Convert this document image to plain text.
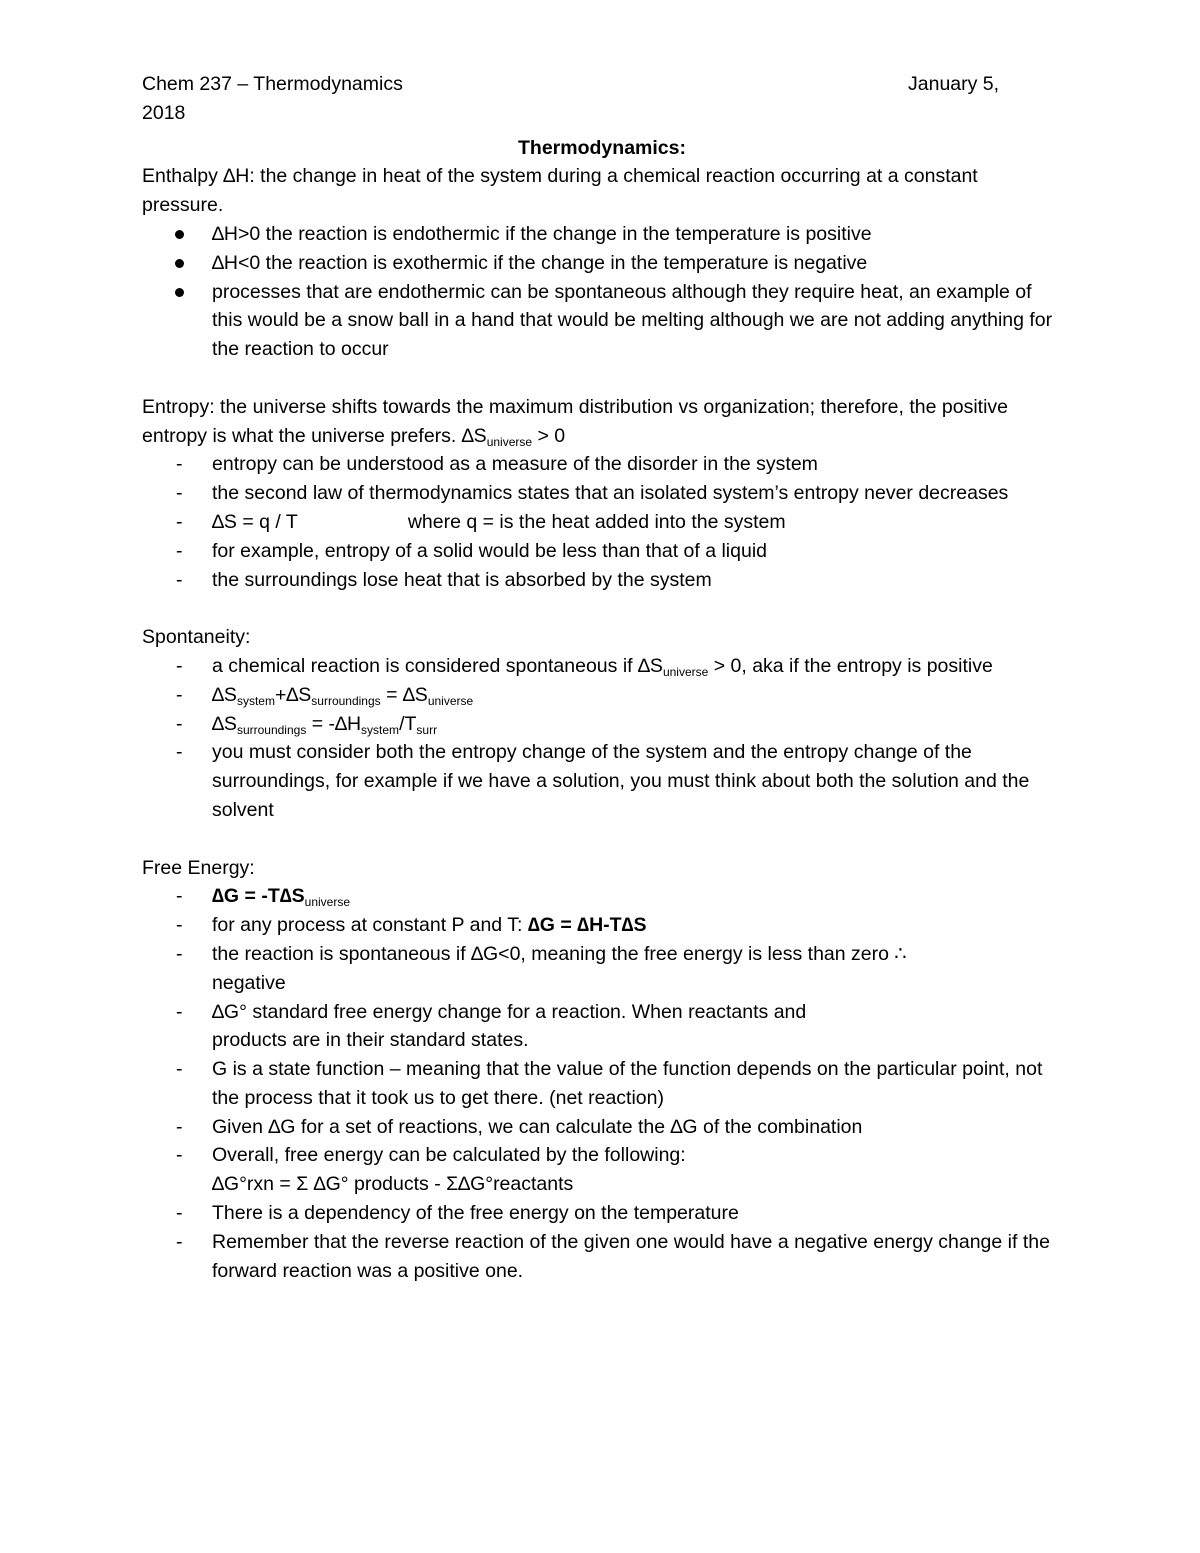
Chem 237 – Thermodynamics	January 5,

2018

Thermodynamics:

Enthalpy ∆H: the change in heat of the system during a chemical reaction occurring at a constant pressure.

∆H>0 the reaction is endothermic if the change in the temperature is positive
∆H<0 the reaction is exothermic if the change in the temperature is negative
processes that are endothermic can be spontaneous although they require heat, an example of this would be a snow ball in a hand that would be melting although we are not adding anything for the reaction to occur

Entropy: the universe shifts towards the maximum distribution vs organization; therefore, the positive entropy is what the universe prefers. $\Delta S_{universe} > 0$

- entropy can be understood as a measure of the disorder in the system
- the second law of thermodynamics states that an isolated system’s entropy never decreases
- ∆S = q / T	where q = is the heat added into the system
- for example, entropy of a solid would be less than that of a liquid
- the surroundings lose heat that is absorbed by the system

Spontaneity:

- a chemical reaction is considered spontaneous if $\Delta S_{universe} > 0$, aka if the entropy is positive
- $\Delta S_{system}+\Delta S_{surroundings} = \Delta S_{universe}$
- $\Delta S_{surroundings} = -\Delta H_{system}/T_{surr}$
- you must consider both the entropy change of the system and the entropy change of the surroundings, for example if we have a solution, you must think about both the solution and the solvent

Free Energy:

- $\Delta G = -T\Delta S_{universe}$
- for any process at constant P and T: ∆G = ∆H-T∆S
- the reaction is spontaneous if ∆G<0, meaning the free energy is less than zero ∴
negative
- ∆G° standard free energy change for a reaction. When reactants and
products are in their standard states.
- G is a state function – meaning that the value of the function depends on the particular point, not the process that it took us to get there. (net reaction)
- Given ∆G for a set of reactions, we can calculate the ∆G of the combination
- Overall, free energy can be calculated by the following:
∆G°rxn = Σ ∆G° products - Σ∆G°reactants
- There is a dependency of the free energy on the temperature
- Remember that the reverse reaction of the given one would have a negative energy change if the forward reaction was a positive one.
